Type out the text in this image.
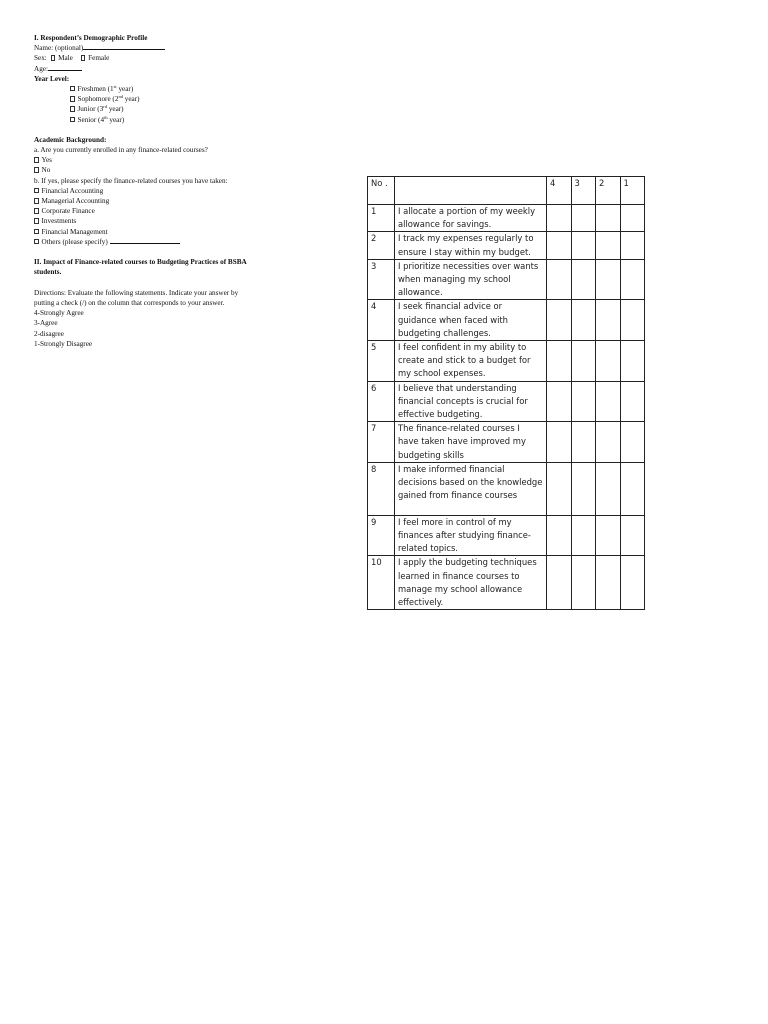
I. Respondent’s Demographic Profile
Name: (optional)
Sex: Male Female
Age:
Year Level:
Freshmen (1st year)
Sophomore (2nd year)
Junior (3rd year)
Senior (4th year)
Academic Background:
a. Are you currently enrolled in any finance-related courses?
Yes
No
b. If yes, please specify the finance-related courses you have taken:
Financial Accounting
Managerial Accounting
Corporate Finance
Investments
Financial Management
Others (please specify)
II. Impact of Finance-related courses to Budgeting Practices of BSBA students.
Directions: Evaluate the following statements. Indicate your answer by putting a check (/) on the column that corresponds to your answer.
4-Strongly Agree
3-Agree
2-disagree
1-Strongly Disagree
No .		4	3	2	1
1	I allocate a portion of my weekly allowance for savings.				
2	I track my expenses regularly to ensure I stay within my budget.				
3	I prioritize necessities over wants when managing my school allowance.				
4	I seek financial advice or guidance when faced with budgeting challenges.				
5	I feel confident in my ability to create and stick to a budget for my school expenses.				
6	I believe that understanding financial concepts is crucial for effective budgeting.				
7	The finance-related courses I have taken have improved my budgeting skills				
8	I make informed financial decisions based on the knowledge gained from finance courses				
9	I feel more in control of my finances after studying finance-related topics.				
10	I apply the budgeting techniques learned in finance courses to manage my school allowance effectively.				
